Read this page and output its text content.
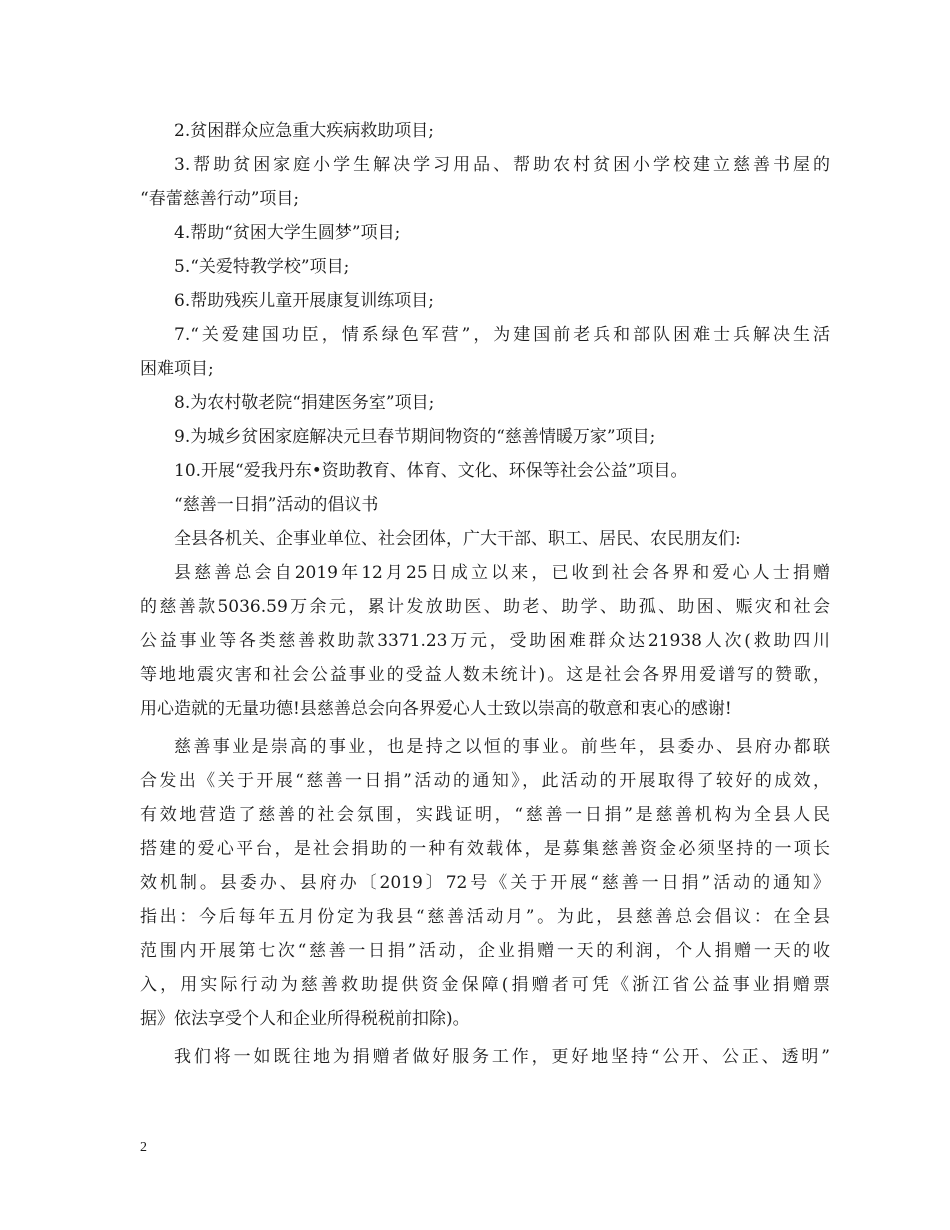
2.贫困群众应急重大疾病救助项目;
3.帮助贫困家庭小学生解决学习用品、帮助农村贫困小学校建立慈善书屋的
“春蕾慈善行动”项目;
4.帮助“贫困大学生圆梦”项目;
5.“关爱特教学校”项目;
6.帮助残疾儿童开展康复训练项目;
7.“关爱建国功臣，情系绿色军营”，为建国前老兵和部队困难士兵解决生活
困难项目;
8.为农村敬老院“捐建医务室”项目;
9.为城乡贫困家庭解决元旦春节期间物资的“慈善情暖万家”项目;
10.开展“爱我丹东•资助教育、体育、文化、环保等社会公益”项目。
“慈善一日捐”活动的倡议书
全县各机关、企事业单位、社会团体，广大干部、职工、居民、农民朋友们:
县慈善总会自2019年12月25日成立以来，已收到社会各界和爱心人士捐赠
的慈善款5036.59万余元，累计发放助医、助老、助学、助孤、助困、赈灾和社会
公益事业等各类慈善救助款3371.23万元，受助困难群众达21938人次(救助四川
等地地震灾害和社会公益事业的受益人数未统计)。这是社会各界用爱谱写的赞歌，
用心造就的无量功德!县慈善总会向各界爱心人士致以崇高的敬意和衷心的感谢!
慈善事业是崇高的事业，也是持之以恒的事业。前些年，县委办、县府办都联
合发出《关于开展“慈善一日捐”活动的通知》，此活动的开展取得了较好的成效，
有效地营造了慈善的社会氛围，实践证明，“慈善一日捐”是慈善机构为全县人民
搭建的爱心平台，是社会捐助的一种有效载体，是募集慈善资金必须坚持的一项长
效机制。县委办、县府办〔2019〕72号《关于开展“慈善一日捐”活动的通知》
指出：今后每年五月份定为我县“慈善活动月”。为此，县慈善总会倡议：在全县
范围内开展第七次“慈善一日捐”活动，企业捐赠一天的利润，个人捐赠一天的收
入，用实际行动为慈善救助提供资金保障(捐赠者可凭《浙江省公益事业捐赠票
据》依法享受个人和企业所得税税前扣除)。
我们将一如既往地为捐赠者做好服务工作，更好地坚持“公开、公正、透明”
2
